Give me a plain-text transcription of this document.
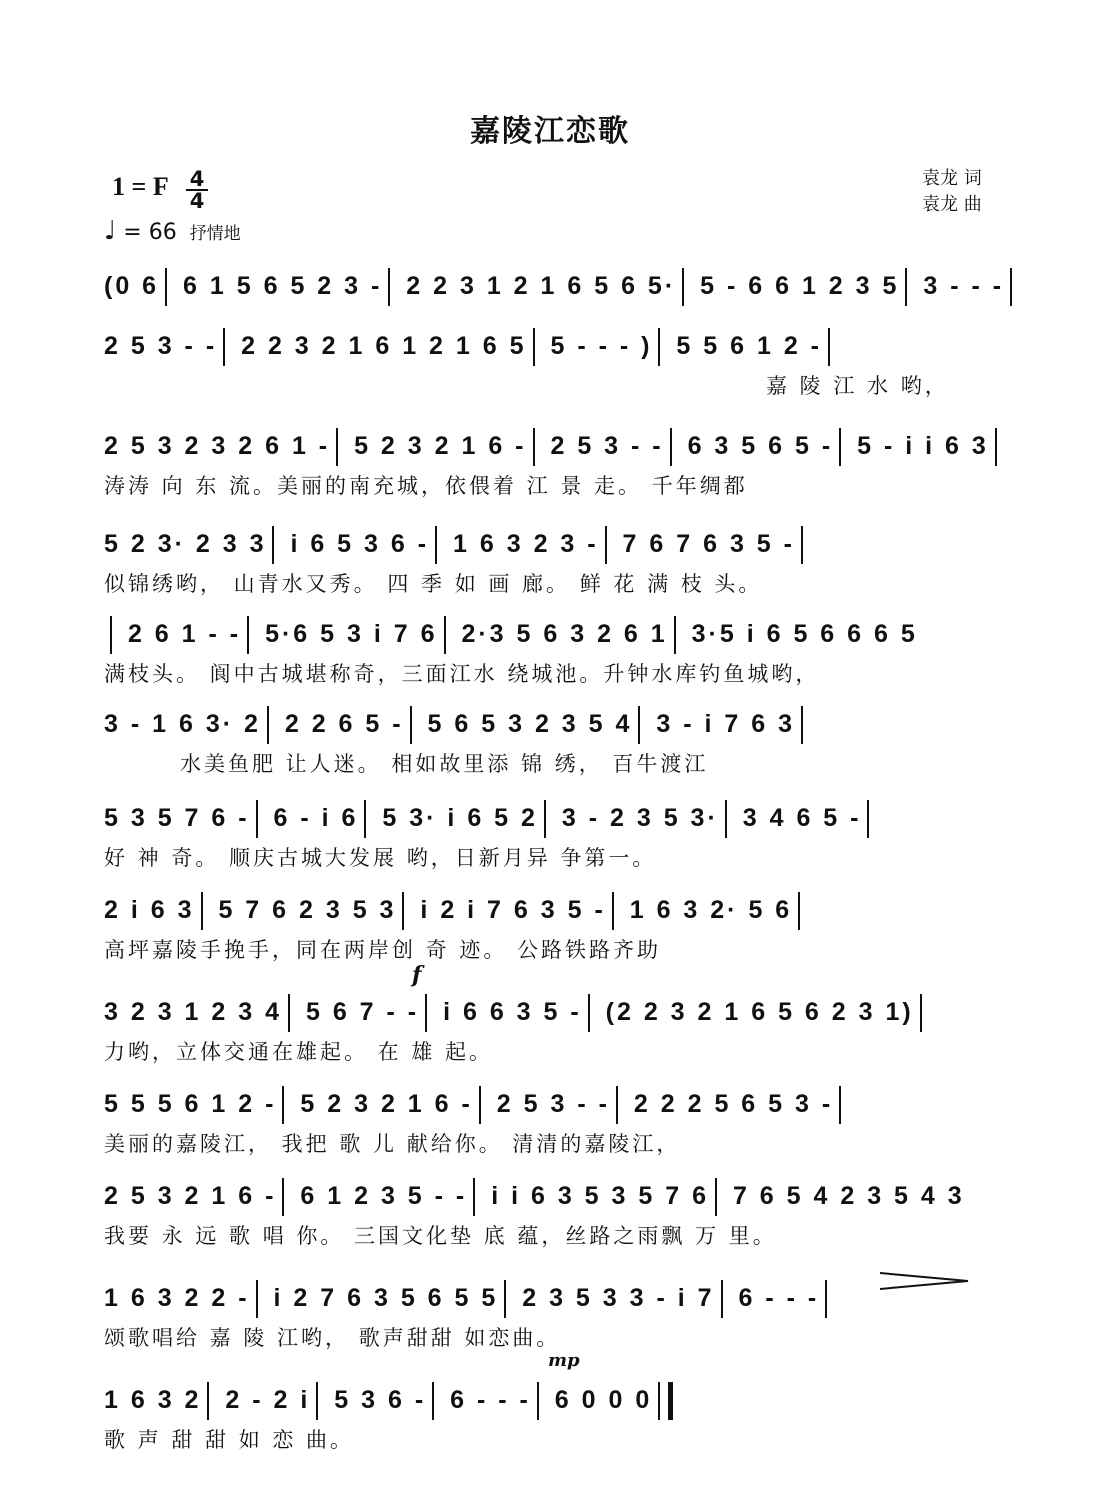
嘉陵江恋歌
1 = F 4
4
♩ = 66 抒情地
袁龙 词
袁龙 曲
(0 6 6 1 5 6 5 2 3 - 2 2 3 1 2 1 6 5 6 5· 5 - 6 6 1 2 3 5 3 - - -
2 5 3 - - 2 2 3 2 1 6 1 2 1 6 5 5 - - - ) 5 5 6 1 2 -
嘉 陵 江 水 哟，
2 5 3 2 3 2 6 1 - 5 2 3 2 1 6 - 2 5 3 - - 6 3 5 6 5 - 5 - i i 6 3
涛涛 向 东 流。美丽的南充城，依偎着 江 景 走。 千年绸都
5 2 3· 2 3 3 i 6 5 3 6 - 1 6 3 2 3 - 7 6 7 6 3 5 -
似锦绣哟， 山青水又秀。 四 季 如 画 廊。 鲜 花 满 枝 头。
2 6 1 - - 5·6 5 3 i 7 6 2·3 5 6 3 2 6 1 3·5 i 6 5 6 6 6 5
满枝头。 阆中古城堪称奇，三面江水 绕城池。升钟水库钓鱼城哟，
3 - 1 6 3· 2 2 2 6 5 - 5 6 5 3 2 3 5 4 3 - i 7 6 3
水美鱼肥 让人迷。 相如故里添 锦 绣， 百牛渡江
5 3 5 7 6 - 6 - i 6 5 3· i 6 5 2 3 - 2 3 5 3· 3 4 6 5 -
好 神 奇。 顺庆古城大发展 哟，日新月异 争第一。
2 i 6 3 5 7 6 2 3 5 3 i 2 i 7 6 3 5 - 1 6 3 2· 5 6
高坪嘉陵手挽手，同在两岸创 奇 迹。 公路铁路齐助
3 2 3 1 2 3 4 5 6 7 - - i 6 6 3 5 - (2 2 3 2 1 6 5 6 2 3 1)
力哟，立体交通在雄起。 在 雄 起。
f
5 5 5 6 1 2 - 5 2 3 2 1 6 - 2 5 3 - - 2 2 2 5 6 5 3 -
美丽的嘉陵江， 我把 歌 儿 献给你。 清清的嘉陵江，
2 5 3 2 1 6 - 6 1 2 3 5 - - i i 6 3 5 3 5 7 6 7 6 5 4 2 3 5 4 3
我要 永 远 歌 唱 你。 三国文化垫 底 蕴，丝路之雨飘 万 里。
1 6 3 2 2 - i 2 7 6 3 5 6 5 5 2 3 5 3 3 - i 7 6 - - -
颂歌唱给 嘉 陵 江哟， 歌声甜甜 如恋曲。
1 6 3 2 2 - 2 i 5 3 6 - 6 - - - 6 0 0 0
歌 声 甜 甜 如 恋 曲。
mp
